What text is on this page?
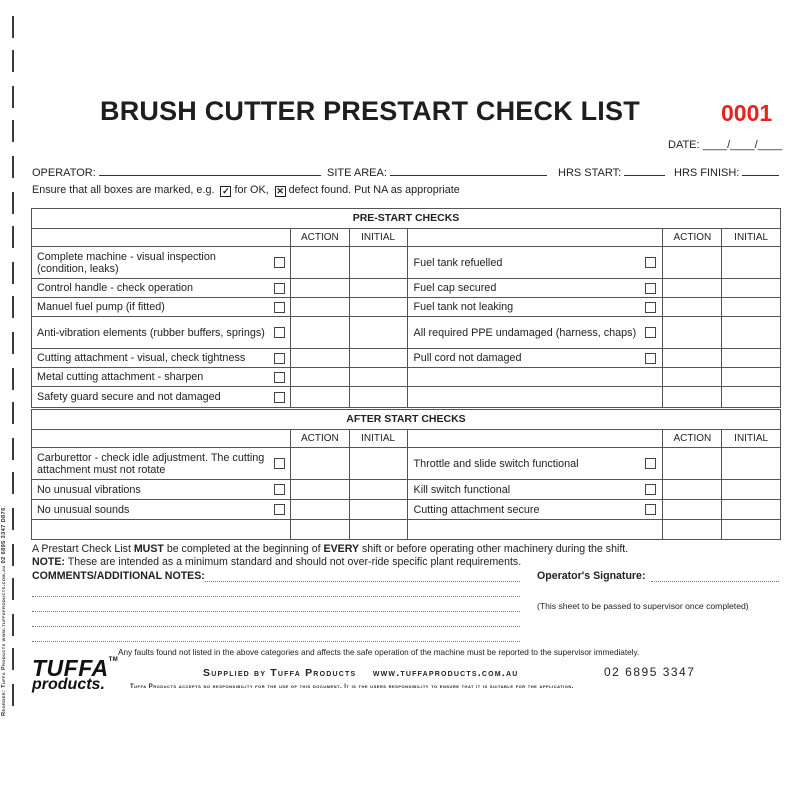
Reorder: Tuffa Products www.tuffaproducts.com.au 02 6895 3347 D876
BRUSH CUTTER PRESTART CHECK LIST	0001
DATE: ____/____/____
OPERATOR:	SITE AREA:	HRS START:	HRS FINISH:
Ensure that all boxes are marked, e.g. ✓ for OK, ✕ defect found. Put NA as appropriate
PRE-START CHECKS
ACTION	INITIAL	ACTION	INITIAL
Complete machine - visual inspection (condition, leaks)	Fuel tank refuelled
Control handle - check operation	Fuel cap secured
Manuel fuel pump (if fitted)	Fuel tank not leaking
Anti-vibration elements (rubber buffers, springs)	All required PPE undamaged (harness, chaps)
Cutting attachment - visual, check tightness	Pull cord not damaged
Metal cutting attachment - sharpen
Safety guard secure and not damaged
AFTER START CHECKS
ACTION	INITIAL	ACTION	INITIAL
Carburettor - check idle adjustment. The cutting attachment must not rotate	Throttle and slide switch functional
No unusual vibrations	Kill switch functional
No unusual sounds	Cutting attachment secure
A Prestart Check List MUST be completed at the beginning of EVERY shift or before operating other machinery during the shift.
NOTE: These are intended as a minimum standard and should not over-ride specific plant requirements.
COMMENTS/ADDITIONAL NOTES:	Operator's Signature:
(This sheet to be passed to supervisor once completed)
Any faults found not listed in the above categories and affects the safe operation of the machine must be reported to the supervisor immediately.
TUFFA™
products.
Supplied by Tuffa Products www.tuffaproducts.com.au	02 6895 3347
Tuffa Products accepts no responsibility for the use of this document. It is the users responsibility to ensure that it is suitable for the application.
